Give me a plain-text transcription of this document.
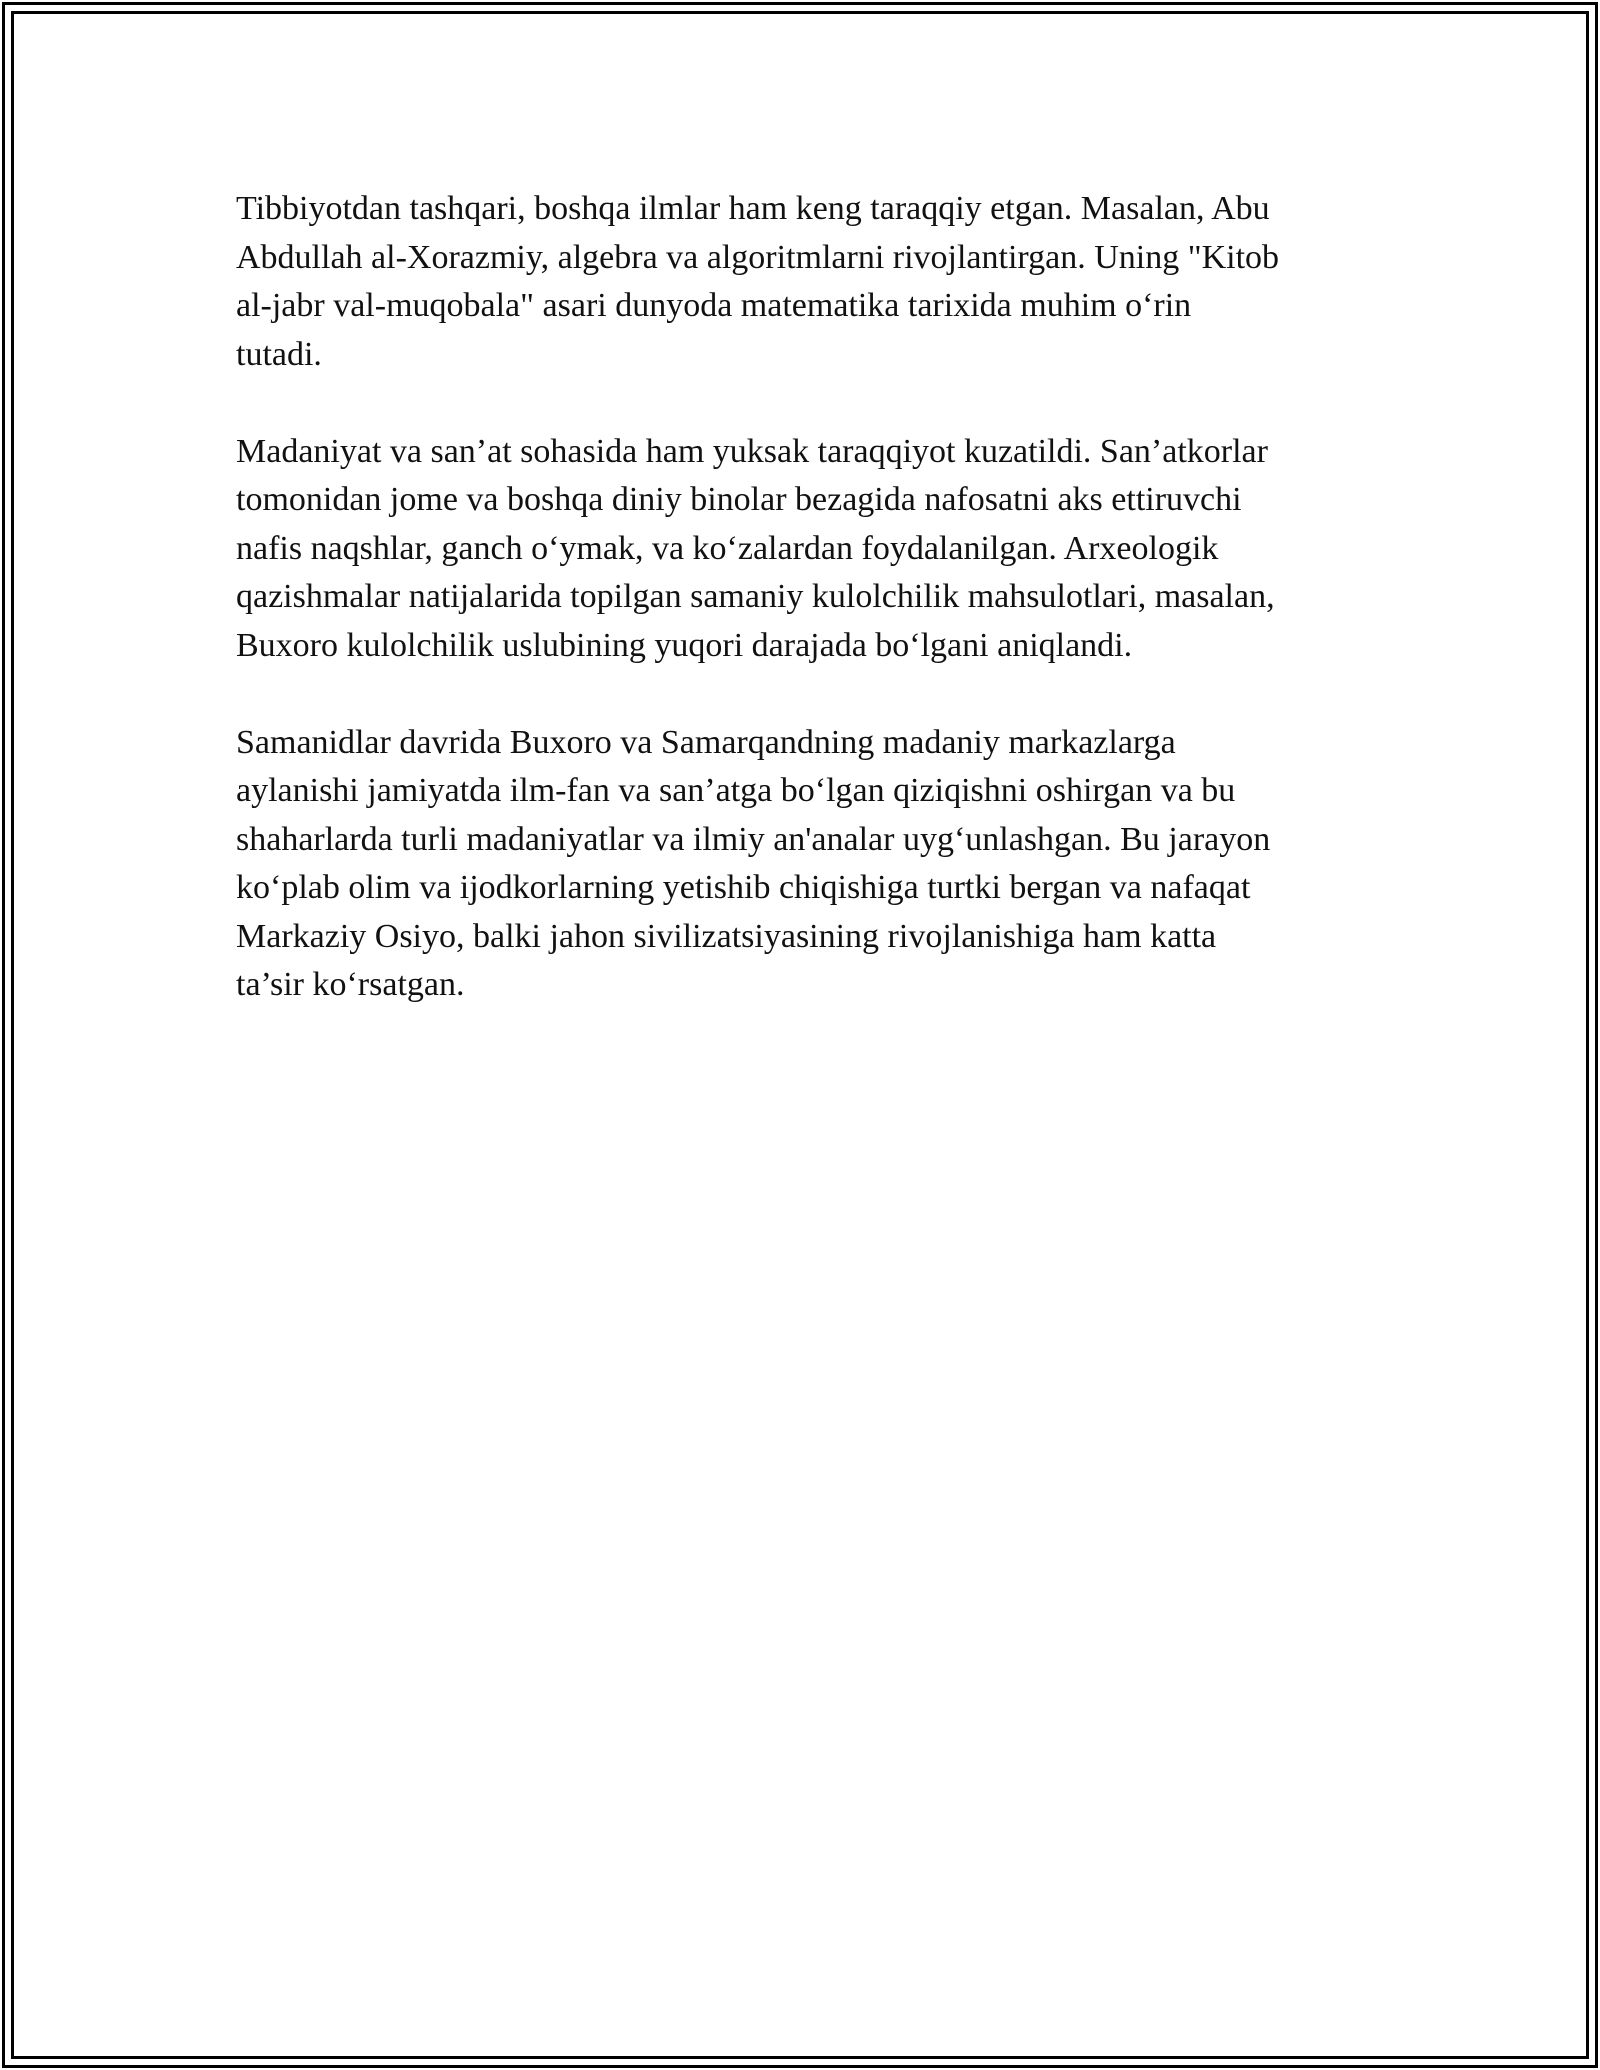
Tibbiyotdan tashqari, boshqa ilmlar ham keng taraqqiy etgan. Masalan, Abu
Abdullah al-Xorazmiy, algebra va algoritmlarni rivojlantirgan. Uning "Kitob
al-jabr val-muqobala" asari dunyoda matematika tarixida muhim o‘rin
tutadi.

Madaniyat va san’at sohasida ham yuksak taraqqiyot kuzatildi. San’atkorlar
tomonidan jome va boshqa diniy binolar bezagida nafosatni aks ettiruvchi
nafis naqshlar, ganch o‘ymak, va ko‘zalardan foydalanilgan. Arxeologik
qazishmalar natijalarida topilgan samaniy kulolchilik mahsulotlari, masalan,
Buxoro kulolchilik uslubining yuqori darajada bo‘lgani aniqlandi.

Samanidlar davrida Buxoro va Samarqandning madaniy markazlarga
aylanishi jamiyatda ilm-fan va san’atga bo‘lgan qiziqishni oshirgan va bu
shaharlarda turli madaniyatlar va ilmiy an'analar uyg‘unlashgan. Bu jarayon
ko‘plab olim va ijodkorlarning yetishib chiqishiga turtki bergan va nafaqat
Markaziy Osiyo, balki jahon sivilizatsiyasining rivojlanishiga ham katta
ta’sir ko‘rsatgan.
